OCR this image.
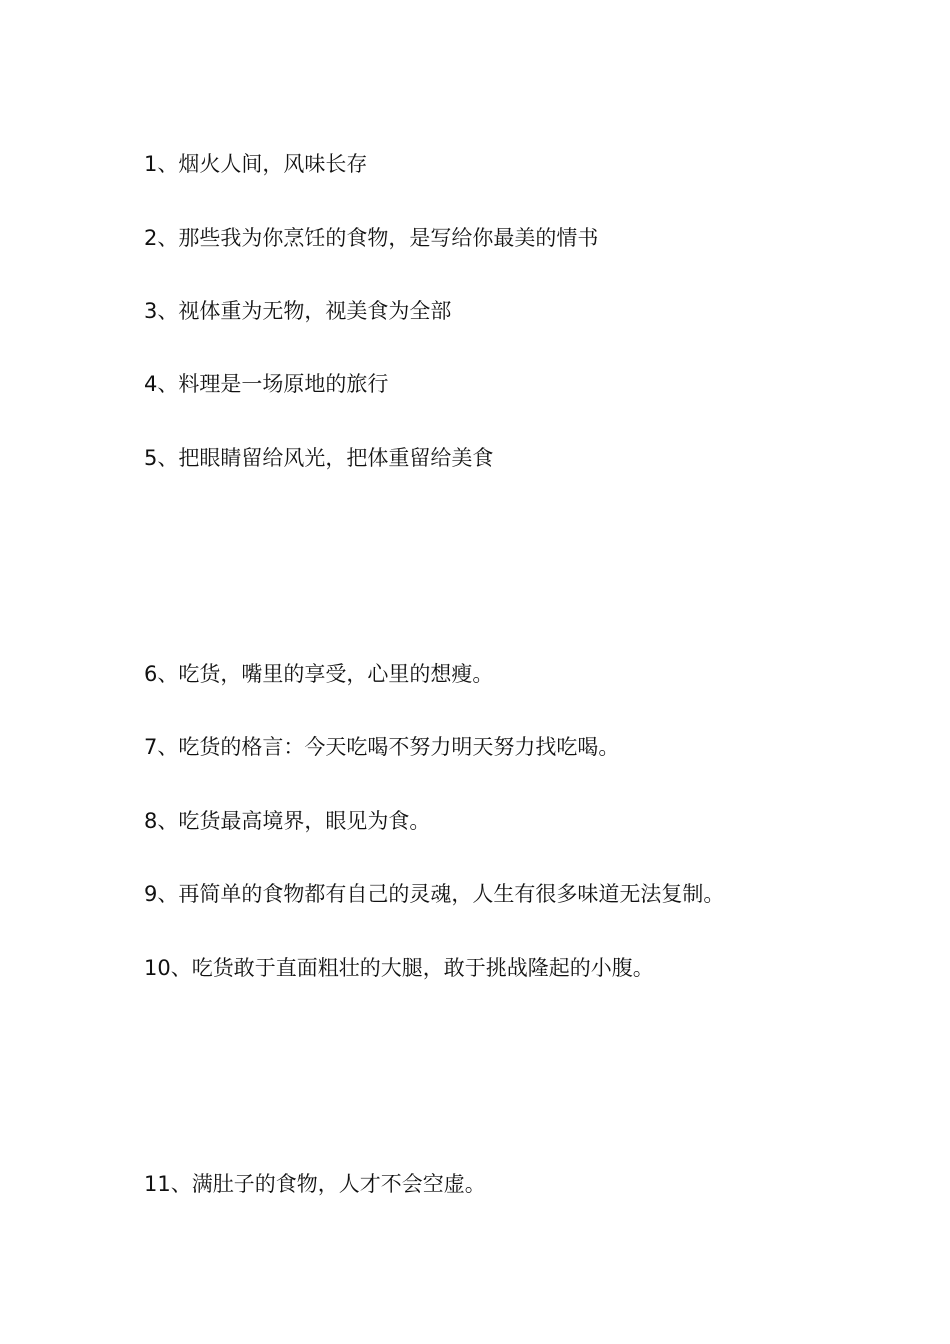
1、烟火人间，风味长存
2、那些我为你烹饪的食物，是写给你最美的情书
3、视体重为无物，视美食为全部
4、料理是一场原地的旅行
5、把眼睛留给风光，把体重留给美食
6、吃货，嘴里的享受，心里的想瘦。
7、吃货的格言：今天吃喝不努力明天努力找吃喝。
8、吃货最高境界，眼见为食。
9、再简单的食物都有自己的灵魂，人生有很多味道无法复制。
10、吃货敢于直面粗壮的大腿，敢于挑战隆起的小腹。
11、满肚子的食物，人才不会空虚。
